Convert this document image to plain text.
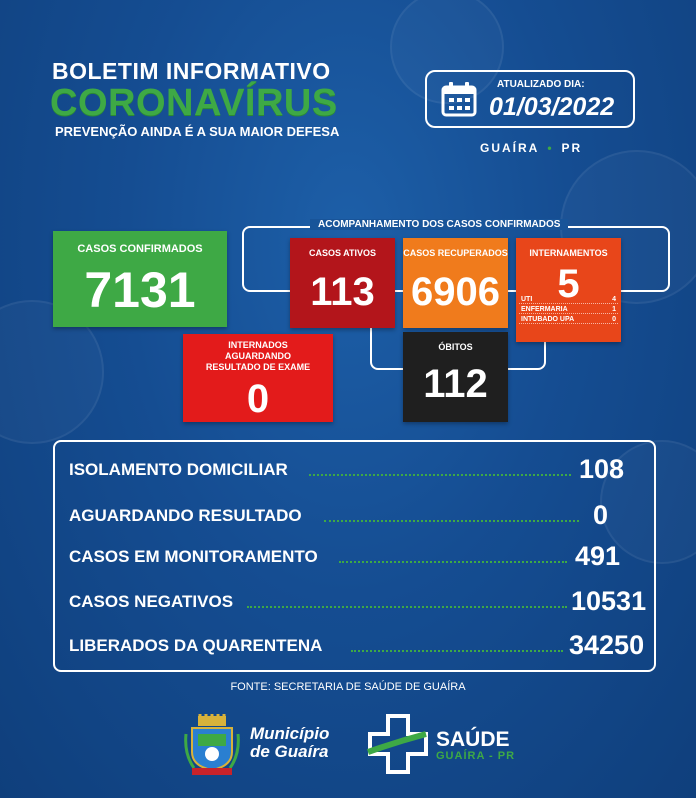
BOLETIM INFORMATIVO
CORONAVÍRUS
PREVENÇÃO AINDA É A SUA MAIOR DEFESA
ATUALIZADO DIA:
01/03/2022
GUAÍRA • PR
ACOMPANHAMENTO DOS CASOS CONFIRMADOS
CASOS CONFIRMADOS
7131
CASOS ATIVOS
113
CASOS RECUPERADOS
6906
INTERNAMENTOS
5
UTI	4
ENFERMARIA	1
INTUBADO UPA	0
INTERNADOS AGUARDANDO RESULTADO DE EXAME
0
ÓBITOS
112
ISOLAMENTO DOMICILIAR	108
AGUARDANDO RESULTADO	0
CASOS EM MONITORAMENTO	491
CASOS NEGATIVOS	10531
LIBERADOS DA QUARENTENA	34250
FONTE: SECRETARIA DE SAÚDE DE GUAÍRA
Município
de Guaíra
SAÚDE
GUAÍRA - PR
